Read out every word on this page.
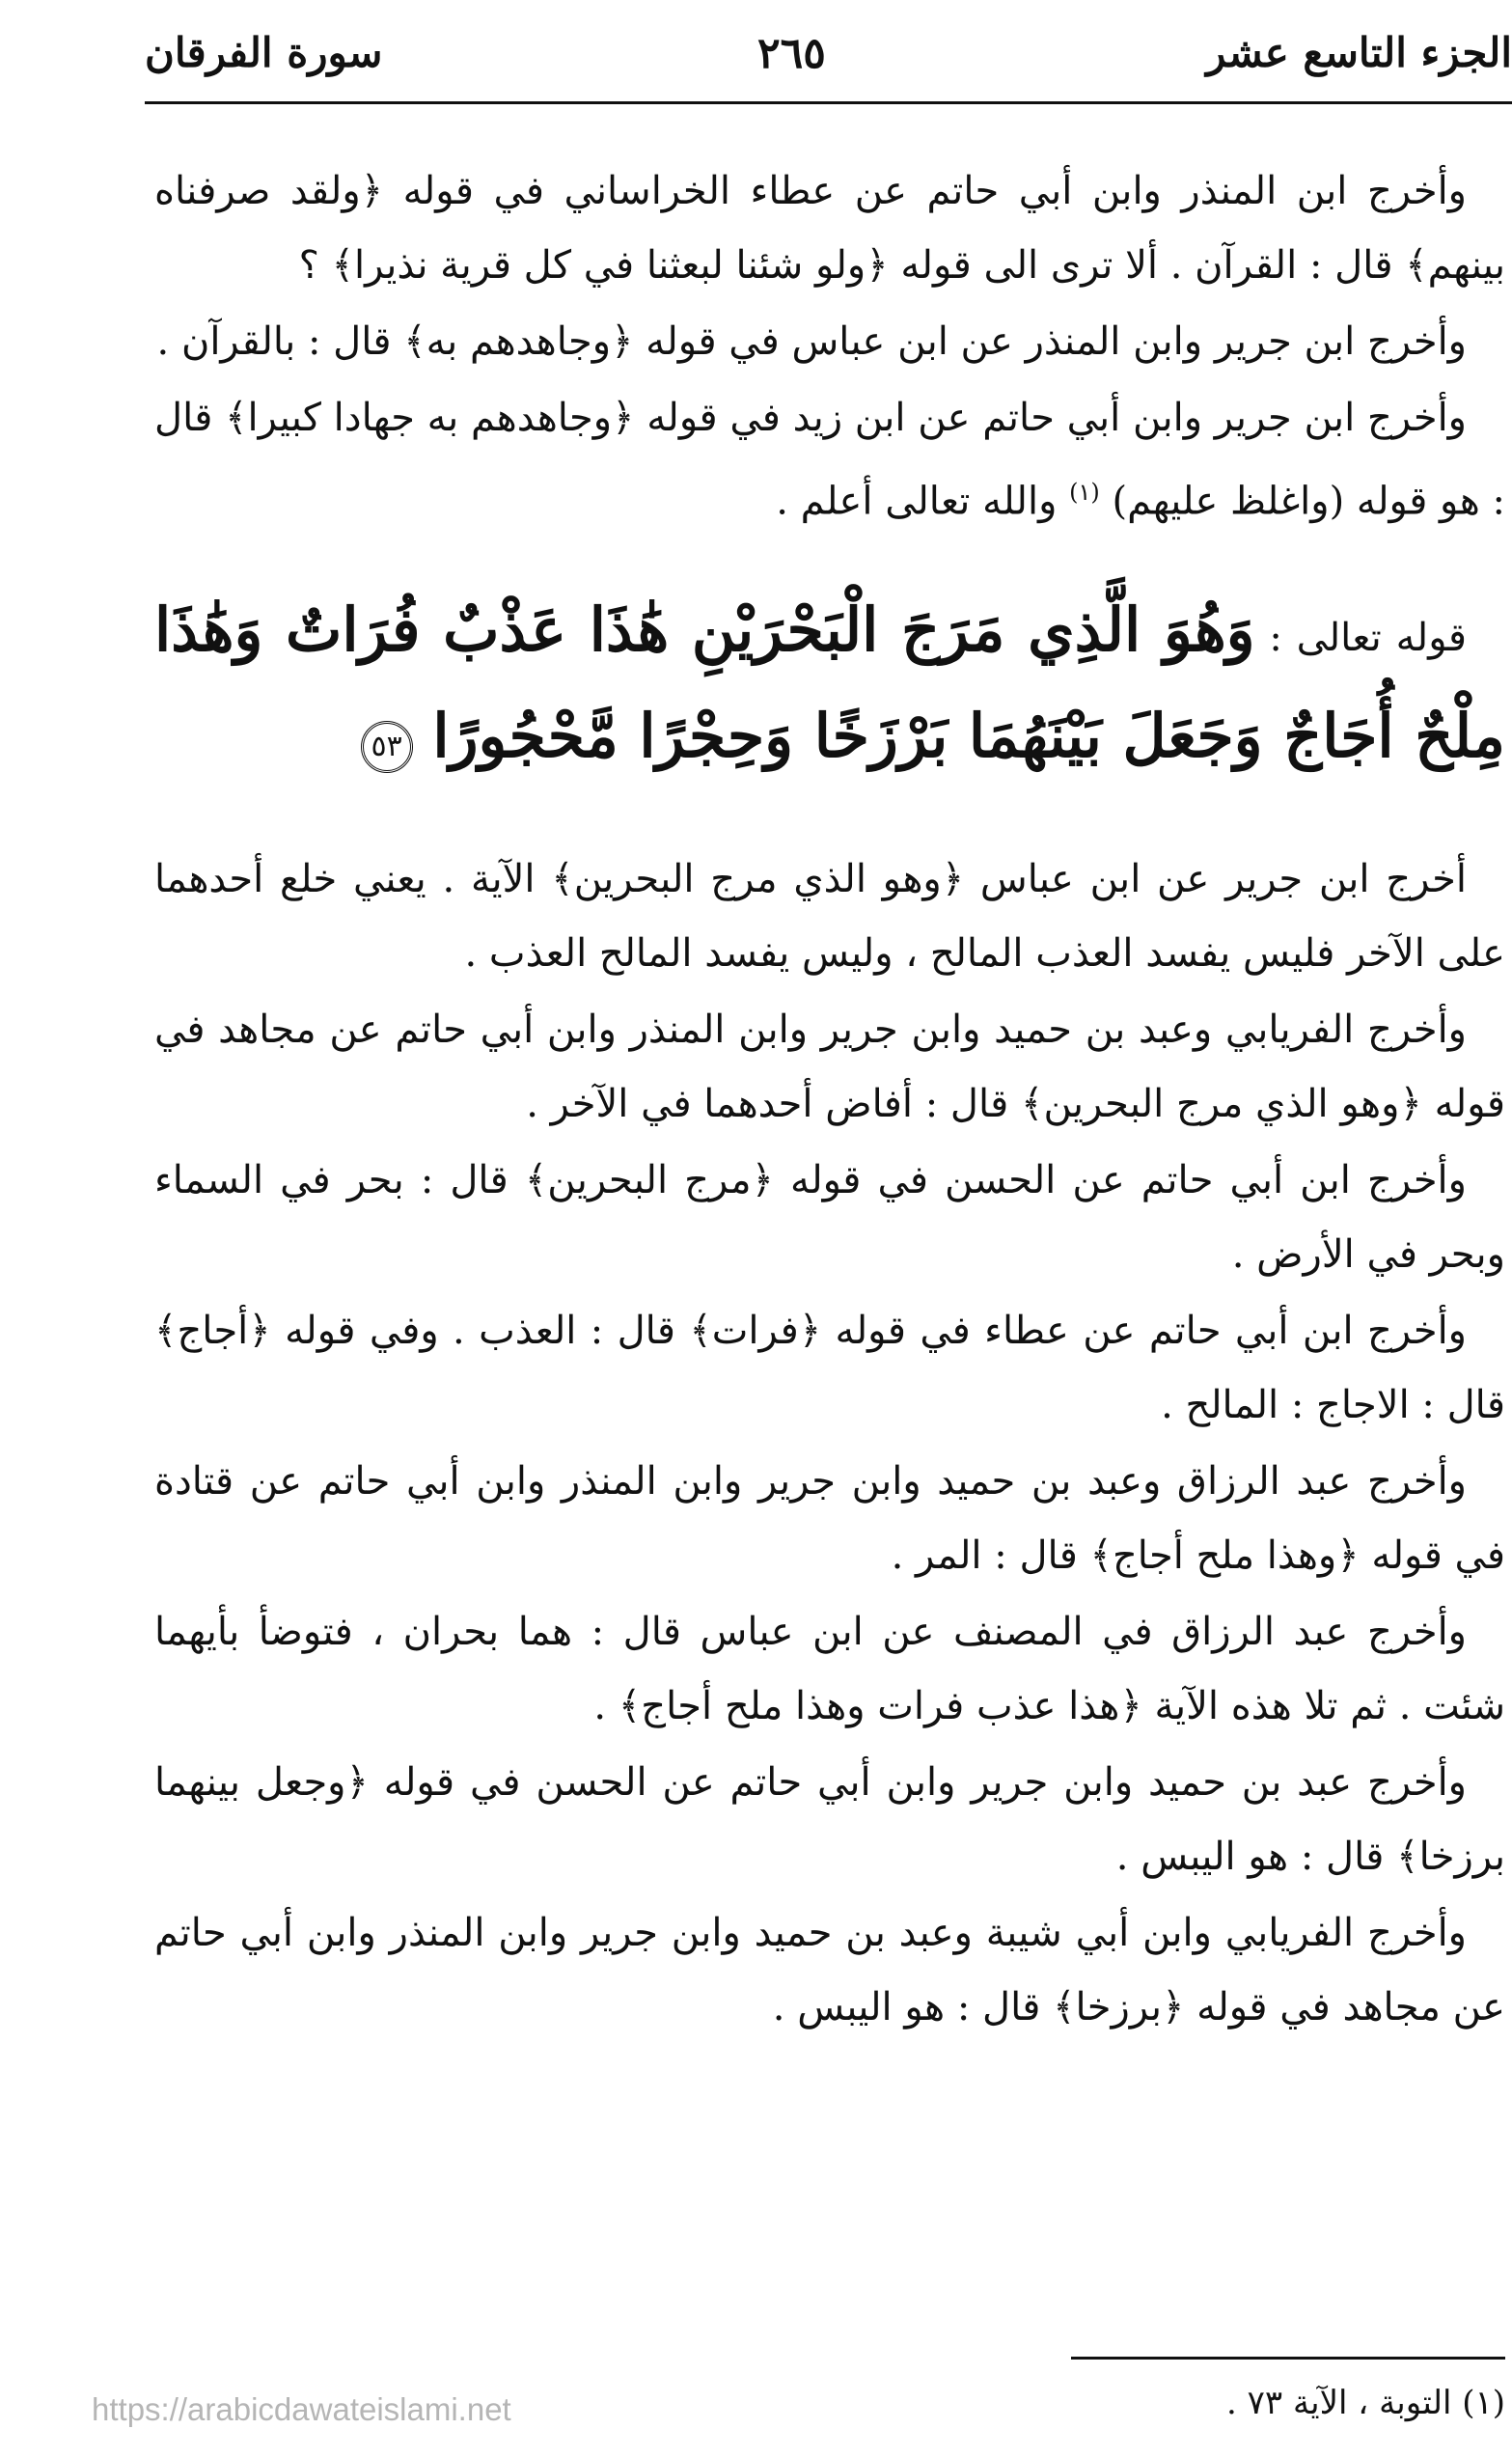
الجزء التاسع عشر
٢٦٥
سورة الفرقان

وأخرج ابن المنذر وابن أبي حاتم عن عطاء الخراساني في قوله ﴿ولقد صرفناه بينهم﴾ قال : القرآن . ألا ترى الى قوله ﴿ولو شئنا لبعثنا في كل قرية نذيرا﴾ ؟

وأخرج ابن جرير وابن المنذر عن ابن عباس في قوله ﴿وجاهدهم به﴾ قال : بالقرآن .

وأخرج ابن جرير وابن أبي حاتم عن ابن زيد في قوله ﴿وجاهدهم به جهادا كبيرا﴾ قال : هو قوله (واغلظ عليهم) $^{(١)}$ والله تعالى أعلم .

قوله تعالى : وَهُوَ الَّذِي مَرَجَ الْبَحْرَيْنِ هَٰذَا عَذْبٌ فُرَاتٌ وَهَٰذَا مِلْحٌ أُجَاجٌ وَجَعَلَ بَيْنَهُمَا بَرْزَخًا وَحِجْرًا مَّحْجُورًا ٥٣

أخرج ابن جرير عن ابن عباس ﴿وهو الذي مرج البحرين﴾ الآية . يعني خلع أحدهما على الآخر فليس يفسد العذب المالح ، وليس يفسد المالح العذب .

وأخرج الفريابي وعبد بن حميد وابن جرير وابن المنذر وابن أبي حاتم عن مجاهد في قوله ﴿وهو الذي مرج البحرين﴾ قال : أفاض أحدهما في الآخر .

وأخرج ابن أبي حاتم عن الحسن في قوله ﴿مرج البحرين﴾ قال : بحر في السماء وبحر في الأرض .

وأخرج ابن أبي حاتم عن عطاء في قوله ﴿فرات﴾ قال : العذب . وفي قوله ﴿أجاج﴾ قال : الاجاج : المالح .

وأخرج عبد الرزاق وعبد بن حميد وابن جرير وابن المنذر وابن أبي حاتم عن قتادة في قوله ﴿وهذا ملح أجاج﴾ قال : المر .

وأخرج عبد الرزاق في المصنف عن ابن عباس قال : هما بحران ، فتوضأ بأيهما شئت . ثم تلا هذه الآية ﴿هذا عذب فرات وهذا ملح أجاج﴾ .

وأخرج عبد بن حميد وابن جرير وابن أبي حاتم عن الحسن في قوله ﴿وجعل بينهما برزخا﴾ قال : هو اليبس .

وأخرج الفريابي وابن أبي شيبة وعبد بن حميد وابن جرير وابن المنذر وابن أبي حاتم عن مجاهد في قوله ﴿برزخا﴾ قال : هو اليبس .

(١) التوبة ، الآية ٧٣ .
https://arabicdawateislami.net
